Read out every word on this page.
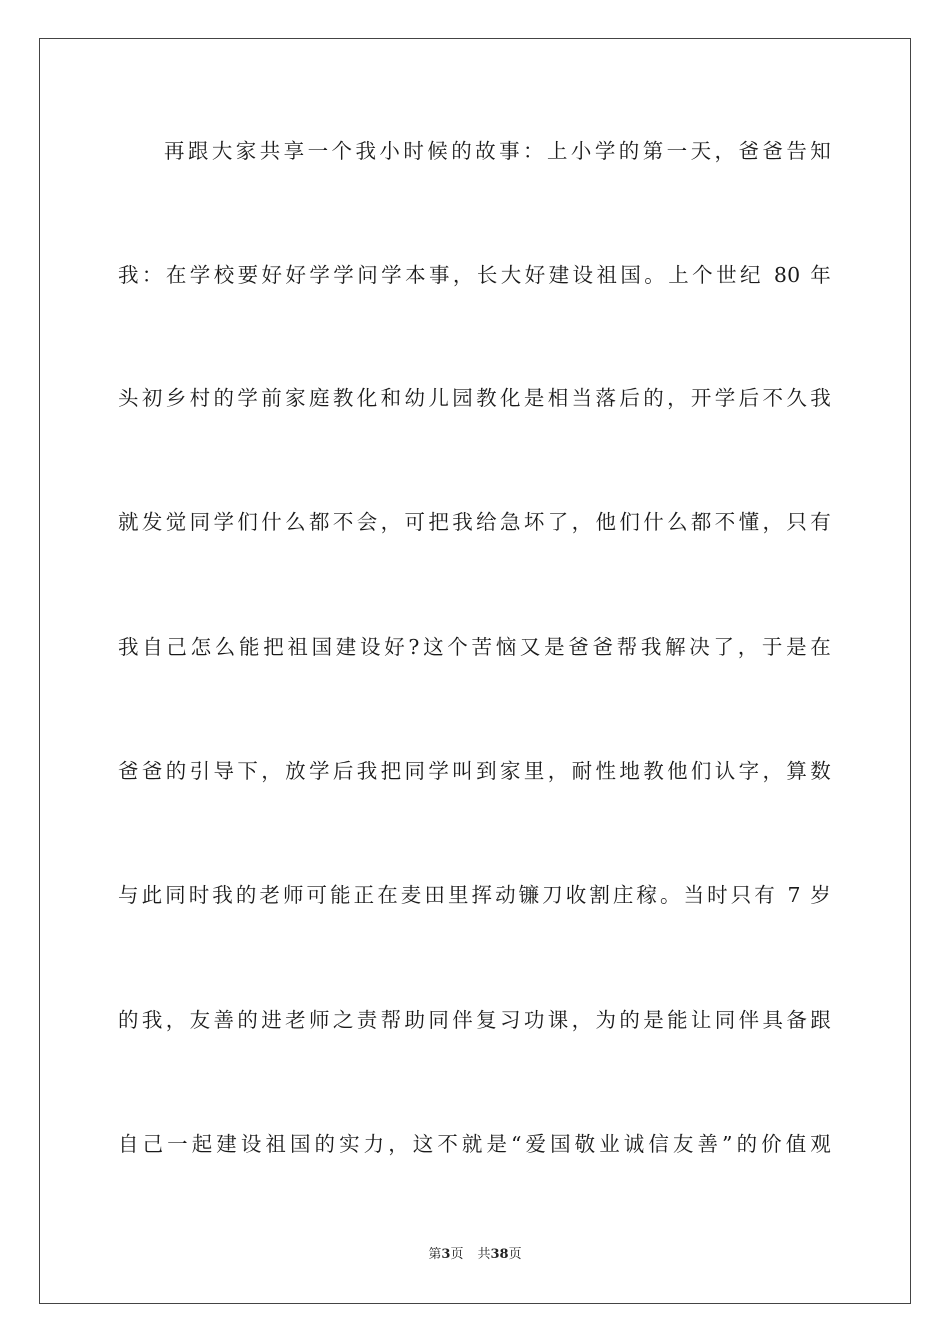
再跟大家共享一个我小时候的故事：上小学的第一天，爸爸告知
我：在学校要好好学学问学本事，长大好建设祖国。上个世纪 80 年
头初乡村的学前家庭教化和幼儿园教化是相当落后的，开学后不久我
就发觉同学们什么都不会，可把我给急坏了，他们什么都不懂，只有
我自己怎么能把祖国建设好?这个苦恼又是爸爸帮我解决了，于是在
爸爸的引导下，放学后我把同学叫到家里，耐性地教他们认字，算数
与此同时我的老师可能正在麦田里挥动镰刀收割庄稼。当时只有 7 岁
的我，友善的进老师之责帮助同伴复习功课，为的是能让同伴具备跟
自己一起建设祖国的实力，这不就是“爱国敬业诚信友善”的价值观
第3页 共38页
